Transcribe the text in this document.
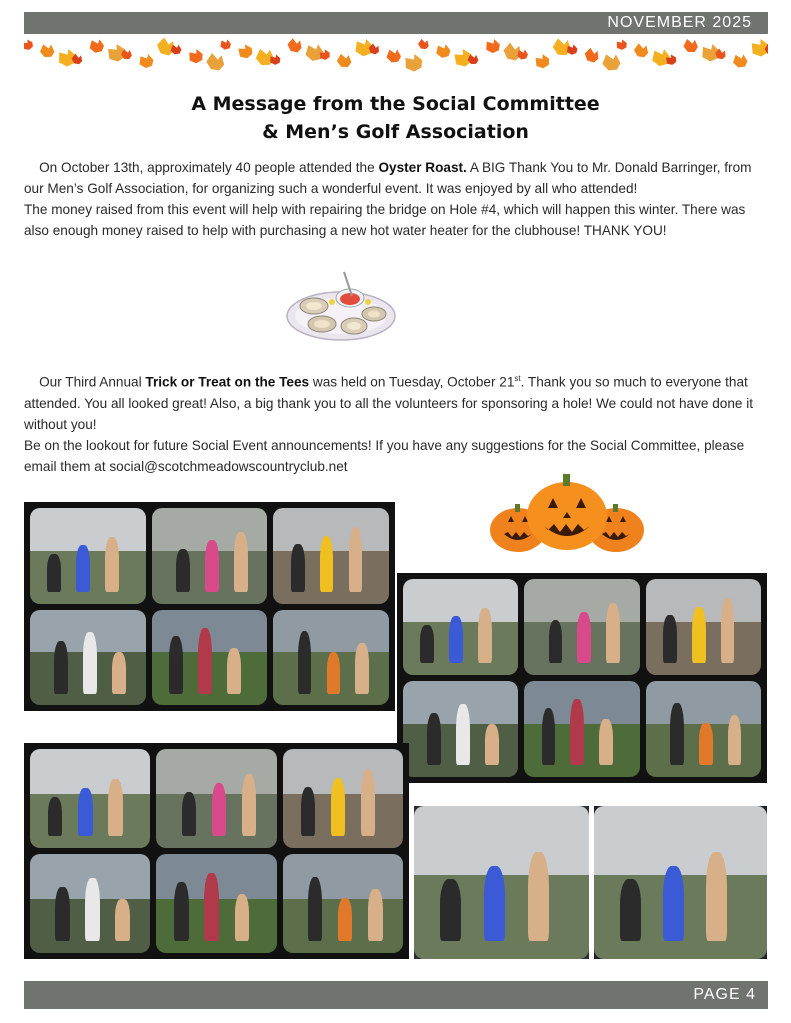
NOVEMBER 2025
A Message from the Social Committee
& Men’s Golf Association
On October 13th, approximately 40 people attended the Oyster Roast. A BIG Thank You to Mr. Donald Barringer, from our Men’s Golf Association, for organizing such a wonderful event. It was enjoyed by all who attended!
The money raised from this event will help with repairing the bridge on Hole #4, which will happen this winter. There was also enough money raised to help with purchasing a new hot water heater for the clubhouse! THANK YOU!
Our Third Annual Trick or Treat on the Tees was held on Tuesday, October 21st. Thank you so much to everyone that attended. You all looked great! Also, a big thank you to all the volunteers for sponsoring a hole! We could not have done it without you!
Be on the lookout for future Social Event announcements! If you have any suggestions for the Social Committee, please email them at social@scotchmeadowscountryclub.net
PAGE 4
